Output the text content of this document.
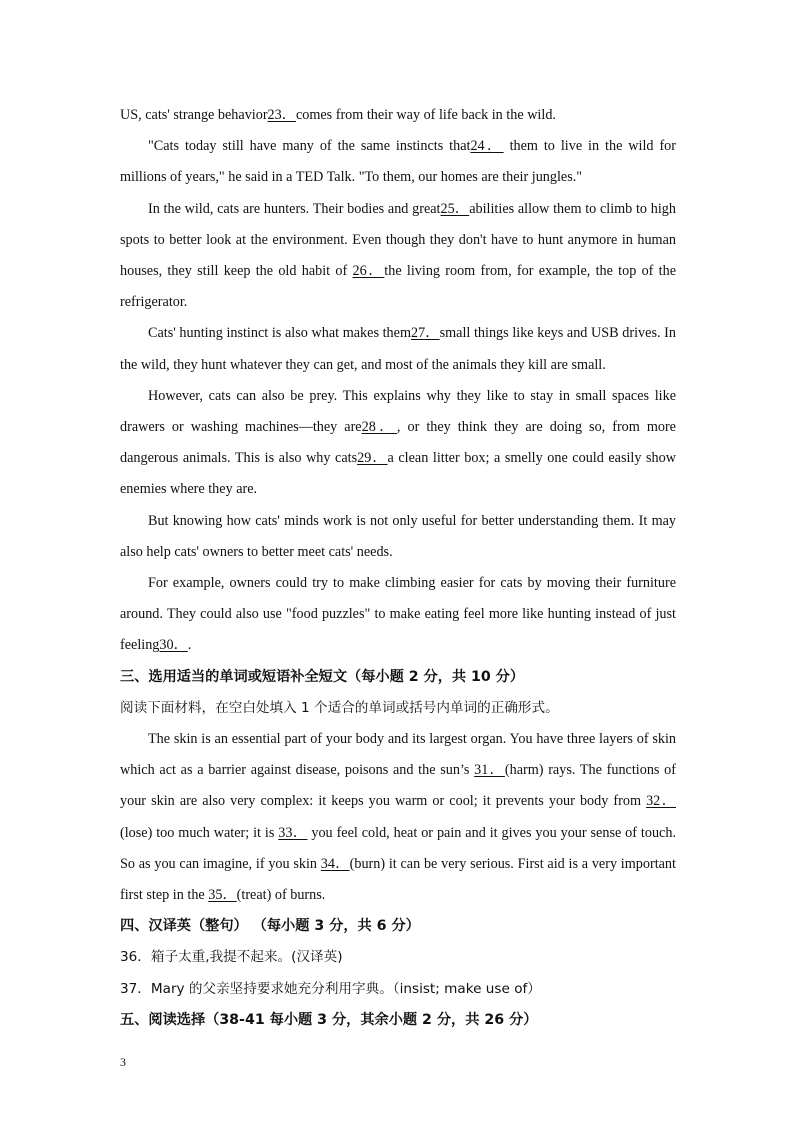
US, cats' strange behavior23．comes from their way of life back in the wild.

"Cats today still have many of the same instincts that24． them to live in the wild for millions of years," he said in a TED Talk. "To them, our homes are their jungles."

In the wild, cats are hunters. Their bodies and great25．abilities allow them to climb to high spots to better look at the environment. Even though they don't have to hunt anymore in human houses, they still keep the old habit of 26．the living room from, for example, the top of the refrigerator.

Cats' hunting instinct is also what makes them27．small things like keys and USB drives. In the wild, they hunt whatever they can get, and most of the animals they kill are small.

However, cats can also be prey. This explains why they like to stay in small spaces like drawers or washing machines—they are28．, or they think they are doing so, from more dangerous animals. This is also why cats29．a clean litter box; a smelly one could easily show enemies where they are.

But knowing how cats' minds work is not only useful for better understanding them. It may also help cats' owners to better meet cats' needs.

For example, owners could try to make climbing easier for cats by moving their furniture around. They could also use "food puzzles" to make eating feel more like hunting instead of just feeling30．.

三、选用适当的单词或短语补全短文（每小题 2 分，共 10 分）

阅读下面材料，在空白处填入 1 个适合的单词或括号内单词的正确形式。

The skin is an essential part of your body and its largest organ. You have three layers of skin which act as a barrier against disease, poisons and the sun’s 31．(harm) rays. The functions of your skin are also very complex: it keeps you warm or cool; it prevents your body from 32．(lose) too much water; it is 33． you feel cold, heat or pain and it gives you your sense of touch. So as you can imagine, if you skin 34．(burn) it can be very serious. First aid is a very important first step in the 35．(treat) of burns.

四、汉译英（整句） （每小题 3 分，共 6 分）

36．箱子太重,我提不起来。(汉译英)

37．Mary 的父亲坚持要求她充分利用字典。（insist; make use of）

五、阅读选择（38-41 每小题 3 分，其余小题 2 分，共 26 分）

3
